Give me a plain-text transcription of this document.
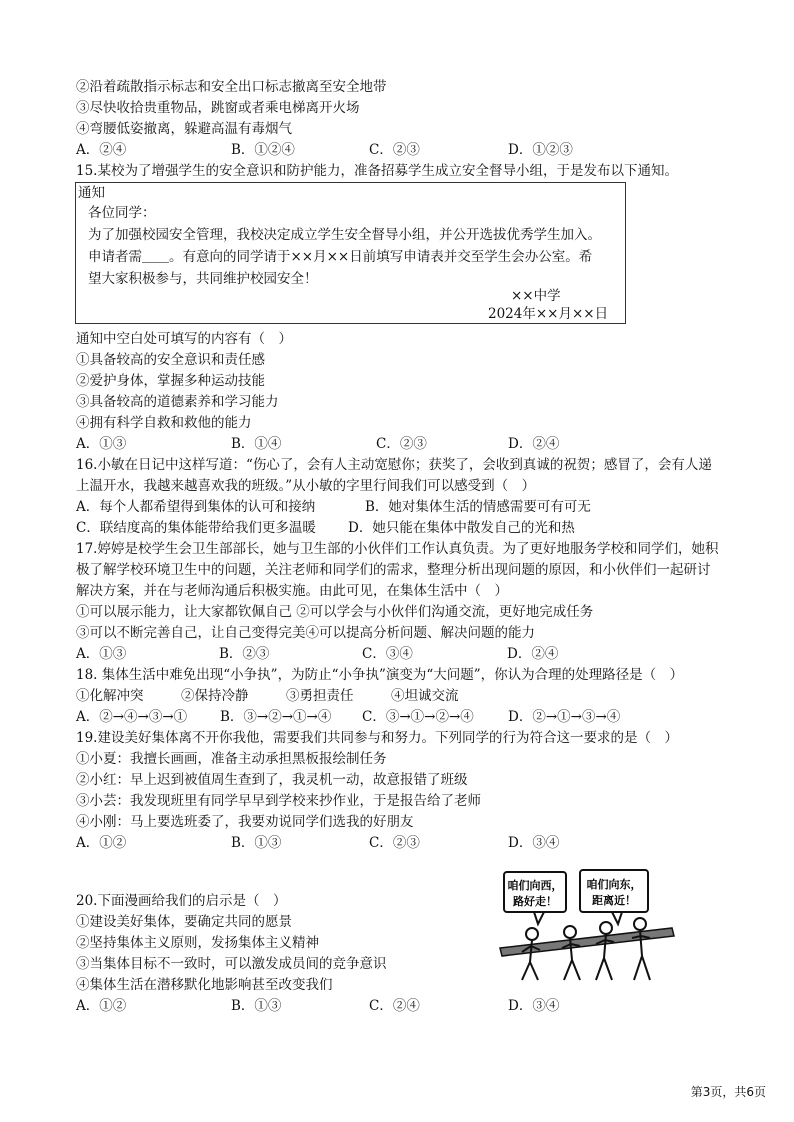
②沿着疏散指示标志和安全出口标志撤离至安全地带
③尽快收拾贵重物品，跳窗或者乘电梯离开火场
④弯腰低姿撤离，躲避高温有毒烟气
A．②④	B．①②④	C．②③	D．①②③
15.某校为了增强学生的安全意识和防护能力，准备招募学生成立安全督导小组，于是发布以下通知。
通知
各位同学：
为了加强校园安全管理，我校决定成立学生安全督导小组，并公开选拔优秀学生加入。
申请者需＿＿。有意向的同学请于××月××日前填写申请表并交至学生会办公室。希
望大家积极参与，共同维护校园安全！
××中学
2024年××月××日
通知中空白处可填写的内容有（　）
①具备较高的安全意识和责任感
②爱护身体，掌握多种运动技能
③具备较高的道德素养和学习能力
④拥有科学自救和救他的能力
A．①③	B．①④	C．②③	D．②④
16.小敏在日记中这样写道：“伤心了，会有人主动宽慰你；获奖了，会收到真诚的祝贺；感冒了，会有人递
上温开水，我越来越喜欢我的班级。”从小敏的字里行间我们可以感受到（　）
A．每个人都希望得到集体的认可和接纳	B．她对集体生活的情感需要可有可无
C．联结度高的集体能带给我们更多温暖 D．她只能在集体中散发自己的光和热
17.婷婷是校学生会卫生部部长，她与卫生部的小伙伴们工作认真负责。为了更好地服务学校和同学们，她积
极了解学校环境卫生中的问题，关注老师和同学们的需求，整理分析出现问题的原因，和小伙伴们一起研讨
解决方案，并在与老师沟通后积极实施。由此可见，在集体生活中（　）
①可以展示能力，让大家都钦佩自己 ②可以学会与小伙伴们沟通交流，更好地完成任务
③可以不断完善自己，让自己变得完美④可以提高分析问题、解决问题的能力
A．①③	B．②③	C．③④	D．②④
18. 集体生活中难免出现“小争执”，为防止“小争执”演变为“大问题”，你认为合理的处理路径是（　）
①化解冲突	②保持冷静	③勇担责任	④坦诚交流
A．②→④→③→① B．③→②→①→④ C．③→①→②→④	D．②→①→③→④
19.建设美好集体离不开你我他，需要我们共同参与和努力。下列同学的行为符合这一要求的是（　）
①小夏：我擅长画画，准备主动承担黑板报绘制任务
②小红：早上迟到被值周生查到了，我灵机一动，故意报错了班级
③小芸：我发现班里有同学早早到学校来抄作业，于是报告给了老师
④小刚：马上要选班委了，我要劝说同学们选我的好朋友
A．①②	B．①③	C．②③	D．③④
20.下面漫画给我们的启示是（　）
①建设美好集体，要确定共同的愿景
②坚持集体主义原则，发扬集体主义精神
③当集体目标不一致时，可以激发成员间的竞争意识
④集体生活在潜移默化地影响甚至改变我们
A．①②	B．①③	C．②④	D．③④
咱们向西，
路好走！
咱们向东，
距离近！
第3页，共6页
